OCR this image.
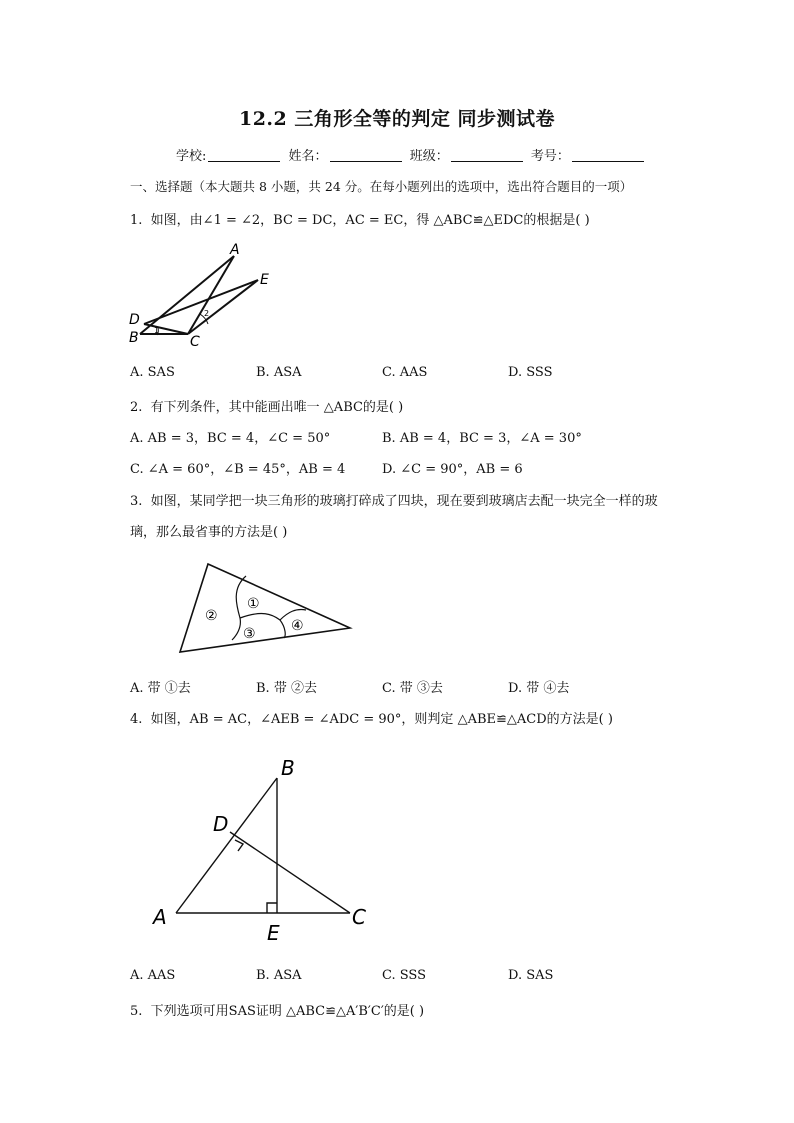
12.2 三角形全等的判定 同步测试卷
学校:	姓名：	班级：	考号：
一、选择题（本大题共 8 小题，共 24 分。在每小题列出的选项中，选出符合题目的一项）
1. 如图，由∠1 = ∠2，BC = DC，AC = EC，得 △ABC≌△EDC的根据是( )
A
E
D
B	C
1
2
A. SAS	B. ASA	C. AAS	D. SSS
2. 有下列条件，其中能画出唯一 △ABC的是( )
A. AB = 3，BC = 4，∠C = 50°	B. AB = 4，BC = 3，∠A = 30°
C. ∠A = 60°，∠B = 45°，AB = 4	D. ∠C = 90°，AB = 6
3. 如图，某同学把一块三角形的玻璃打碎成了四块，现在要到玻璃店去配一块完全一样的玻
璃，那么最省事的方法是( )
②
①
③	④
A. 带 ①去	B. 带 ②去	C. 带 ③去	D. 带 ④去
4. 如图，AB = AC，∠AEB = ∠ADC = 90°，则判定 △ABE≌△ACD的方法是( )
B
D
A
E
C
A. AAS	B. ASA	C. SSS	D. SAS
5. 下列选项可用SAS证明 △ABC≌△A′B′C′的是( )
